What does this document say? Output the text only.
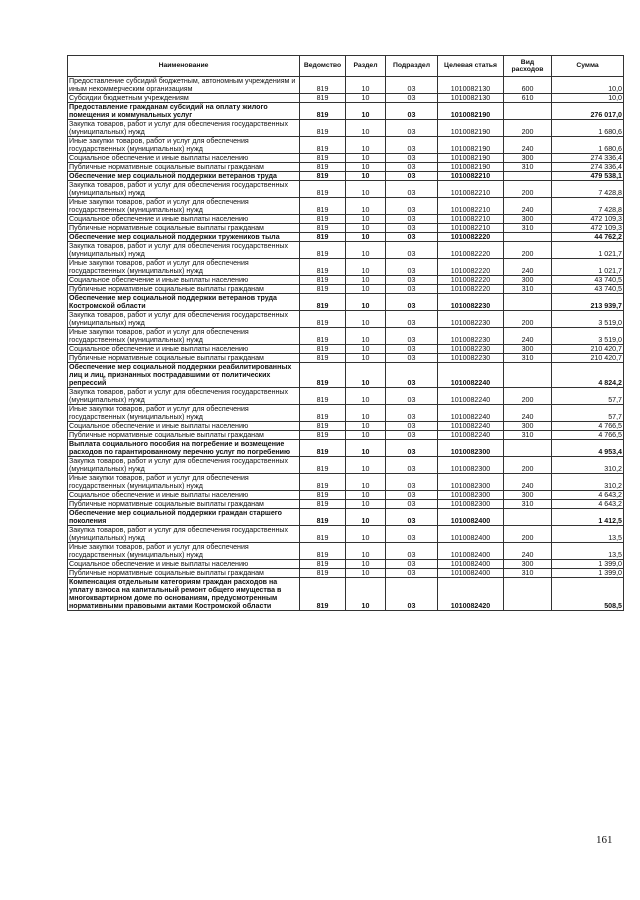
Наименование	Ведомство	Раздел	Подраздел	Целевая статья	Вид расходов	Сумма
Предоставление субсидий бюджетным, автономным учреждениям и иным некоммерческим организациям	819	10	03	1010082130	600	10,0
Субсидии бюджетным учреждениям	819	10	03	1010082130	610	10,0
Предоставление гражданам субсидий на оплату жилого помещения и коммунальных услуг	819	10	03	1010082190		276 017,0
Закупка товаров, работ и услуг для обеспечения государственных (муниципальных) нужд	819	10	03	1010082190	200	1 680,6
Иные закупки товаров, работ и услуг для обеспечения государственных (муниципальных) нужд	819	10	03	1010082190	240	1 680,6
Социальное обеспечение и иные выплаты населению	819	10	03	1010082190	300	274 336,4
Публичные нормативные социальные выплаты гражданам	819	10	03	1010082190	310	274 336,4
Обеспечение мер социальной поддержки ветеранов труда	819	10	03	1010082210		479 538,1
Закупка товаров, работ и услуг для обеспечения государственных (муниципальных) нужд	819	10	03	1010082210	200	7 428,8
Иные закупки товаров, работ и услуг для обеспечения государственных (муниципальных) нужд	819	10	03	1010082210	240	7 428,8
Социальное обеспечение и иные выплаты населению	819	10	03	1010082210	300	472 109,3
Публичные нормативные социальные выплаты гражданам	819	10	03	1010082210	310	472 109,3
Обеспечение мер социальной поддержки тружеников тыла	819	10	03	1010082220		44 762,2
Закупка товаров, работ и услуг для обеспечения государственных (муниципальных) нужд	819	10	03	1010082220	200	1 021,7
Иные закупки товаров, работ и услуг для обеспечения государственных (муниципальных) нужд	819	10	03	1010082220	240	1 021,7
Социальное обеспечение и иные выплаты населению	819	10	03	1010082220	300	43 740,5
Публичные нормативные социальные выплаты гражданам	819	10	03	1010082220	310	43 740,5
Обеспечение мер социальной поддержки ветеранов труда Костромской области	819	10	03	1010082230		213 939,7
Закупка товаров, работ и услуг для обеспечения государственных (муниципальных) нужд	819	10	03	1010082230	200	3 519,0
Иные закупки товаров, работ и услуг для обеспечения государственных (муниципальных) нужд	819	10	03	1010082230	240	3 519,0
Социальное обеспечение и иные выплаты населению	819	10	03	1010082230	300	210 420,7
Публичные нормативные социальные выплаты гражданам	819	10	03	1010082230	310	210 420,7
Обеспечение мер социальной поддержки реабилитированных лиц и лиц, признанных пострадавшими от политических репрессий	819	10	03	1010082240		4 824,2
Закупка товаров, работ и услуг для обеспечения государственных (муниципальных) нужд	819	10	03	1010082240	200	57,7
Иные закупки товаров, работ и услуг для обеспечения государственных (муниципальных) нужд	819	10	03	1010082240	240	57,7
Социальное обеспечение и иные выплаты населению	819	10	03	1010082240	300	4 766,5
Публичные нормативные социальные выплаты гражданам	819	10	03	1010082240	310	4 766,5
Выплата социального пособия на погребение и возмещение расходов по гарантированному перечню услуг по погребению	819	10	03	1010082300		4 953,4
Закупка товаров, работ и услуг для обеспечения государственных (муниципальных) нужд	819	10	03	1010082300	200	310,2
Иные закупки товаров, работ и услуг для обеспечения государственных (муниципальных) нужд	819	10	03	1010082300	240	310,2
Социальное обеспечение и иные выплаты населению	819	10	03	1010082300	300	4 643,2
Публичные нормативные социальные выплаты гражданам	819	10	03	1010082300	310	4 643,2
Обеспечение мер социальной поддержки граждан старшего поколения	819	10	03	1010082400		1 412,5
Закупка товаров, работ и услуг для обеспечения государственных (муниципальных) нужд	819	10	03	1010082400	200	13,5
Иные закупки товаров, работ и услуг для обеспечения государственных (муниципальных) нужд	819	10	03	1010082400	240	13,5
Социальное обеспечение и иные выплаты населению	819	10	03	1010082400	300	1 399,0
Публичные нормативные социальные выплаты гражданам	819	10	03	1010082400	310	1 399,0
Компенсация отдельным категориям граждан расходов на уплату взноса на капитальный ремонт общего имущества в многоквартирном доме по основаниям, предусмотренным нормативными правовыми актами Костромской области	819	10	03	1010082420		508,5
161
